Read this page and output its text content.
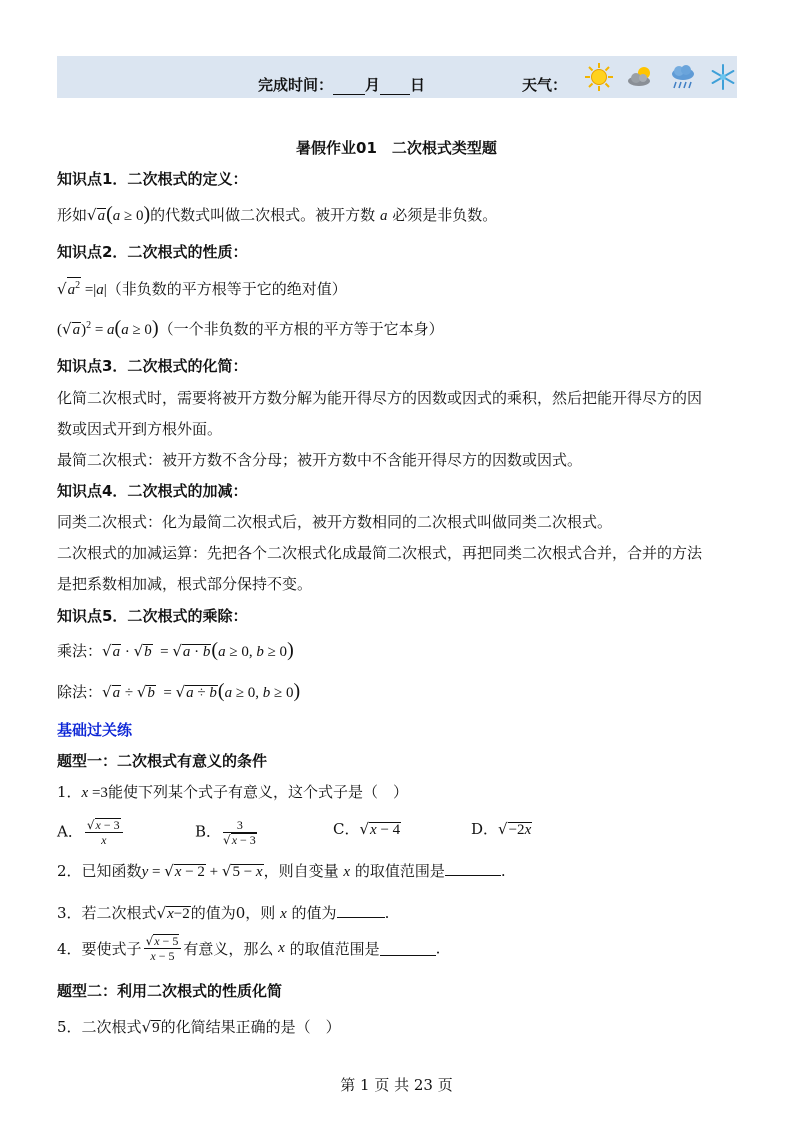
完成时间： 月 日	天气：
暑假作业01　二次根式类型题
知识点1．二次根式的定义：
形如√a(a ≥ 0)的代数式叫做二次根式。被开方数 a 必须是非负数。
知识点2．二次根式的性质：
$√a^2 =|a|$（非负数的平方根等于它的绝对值）
$(√a)^2 = a(a \ge 0)$（一个非负数的平方根的平方等于它本身）
知识点3．二次根式的化简：
化简二次根式时，需要将被开方数分解为能开得尽方的因数或因式的乘积，然后把能开得尽方的因
数或因式开到方根外面。
最简二次根式：被开方数不含分母；被开方数中不含能开得尽方的因数或因式。
知识点4．二次根式的加减：
同类二次根式：化为最简二次根式后，被开方数相同的二次根式叫做同类二次根式。
二次根式的加减运算：先把各个二次根式化成最简二次根式，再把同类二次根式合并，合并的方法
是把系数相加减，根式部分保持不变。
知识点5．二次根式的乘除：
乘法：√a · √b  = √a · b(a ≥ 0, b ≥ 0)
除法：√a ÷ √b  = √a ÷ b(a ≥ 0, b ≥ 0)
基础过关练
题型一：二次根式有意义的条件
1．x =3能使下列某个式子有意义，这个式子是（　）
A． $\frac{√x - 3}{x}$	B． $\frac{3}{√x - 3}$	C．√x − 4	D．√−2x
2．已知函数y = √x − 2 + √5 − x，则自变量 x 的取值范围是	.
3．若二次根式√x−2的值为0，则 x 的值为	.
4．要使式子 $\frac{√x - 5}{x - 5}$ 有意义，那么 x 的取值范围是	.
题型二：利用二次根式的性质化简
5．二次根式√9的化简结果正确的是（　）
第 1 页 共 23 页
